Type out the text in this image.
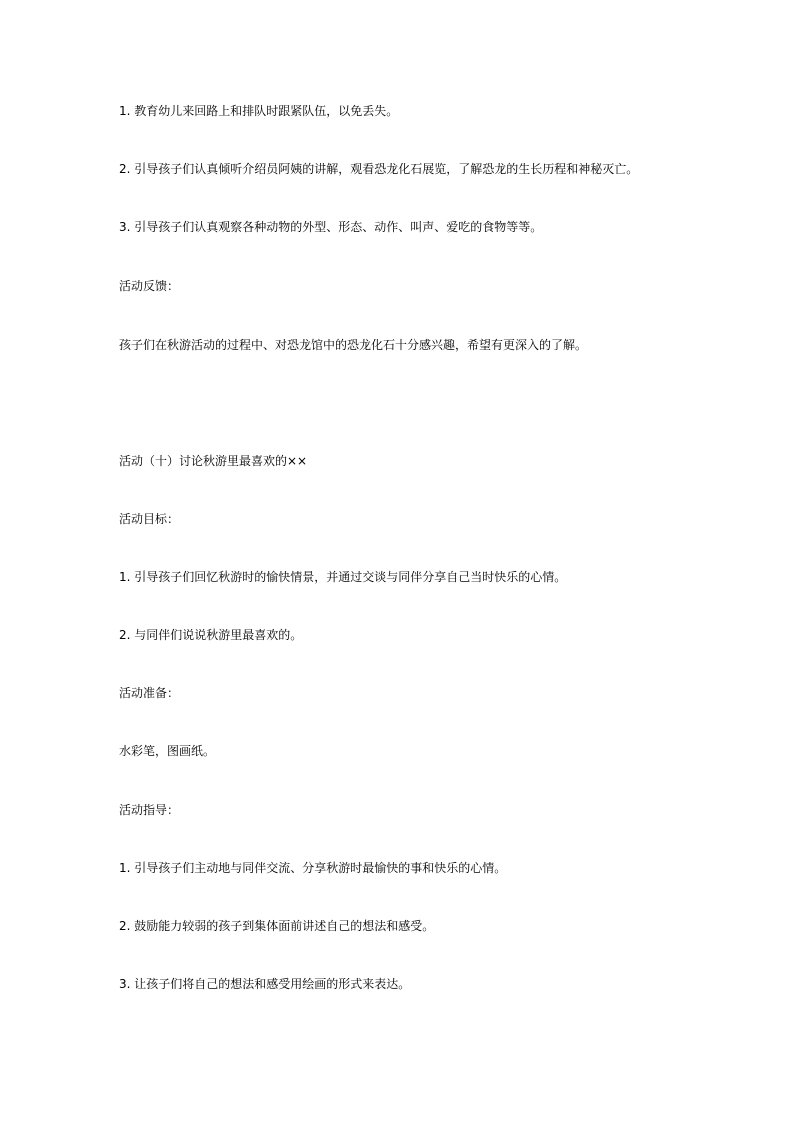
1. 教育幼儿来回路上和排队时跟紧队伍，以免丢失。

2. 引导孩子们认真倾听介绍员阿姨的讲解，观看恐龙化石展览，了解恐龙的生长历程和神秘灭亡。

3. 引导孩子们认真观察各种动物的外型、形态、动作、叫声、爱吃的食物等等。

活动反馈：

孩子们在秋游活动的过程中、对恐龙馆中的恐龙化石十分感兴趣，希望有更深入的了解。

活动（十）讨论秋游里最喜欢的××

活动目标：

1. 引导孩子们回忆秋游时的愉快情景，并通过交谈与同伴分享自己当时快乐的心情。

2. 与同伴们说说秋游里最喜欢的。

活动准备：

水彩笔，图画纸。

活动指导：

1. 引导孩子们主动地与同伴交流、分享秋游时最愉快的事和快乐的心情。

2. 鼓励能力较弱的孩子到集体面前讲述自己的想法和感受。

3. 让孩子们将自己的想法和感受用绘画的形式来表达。
